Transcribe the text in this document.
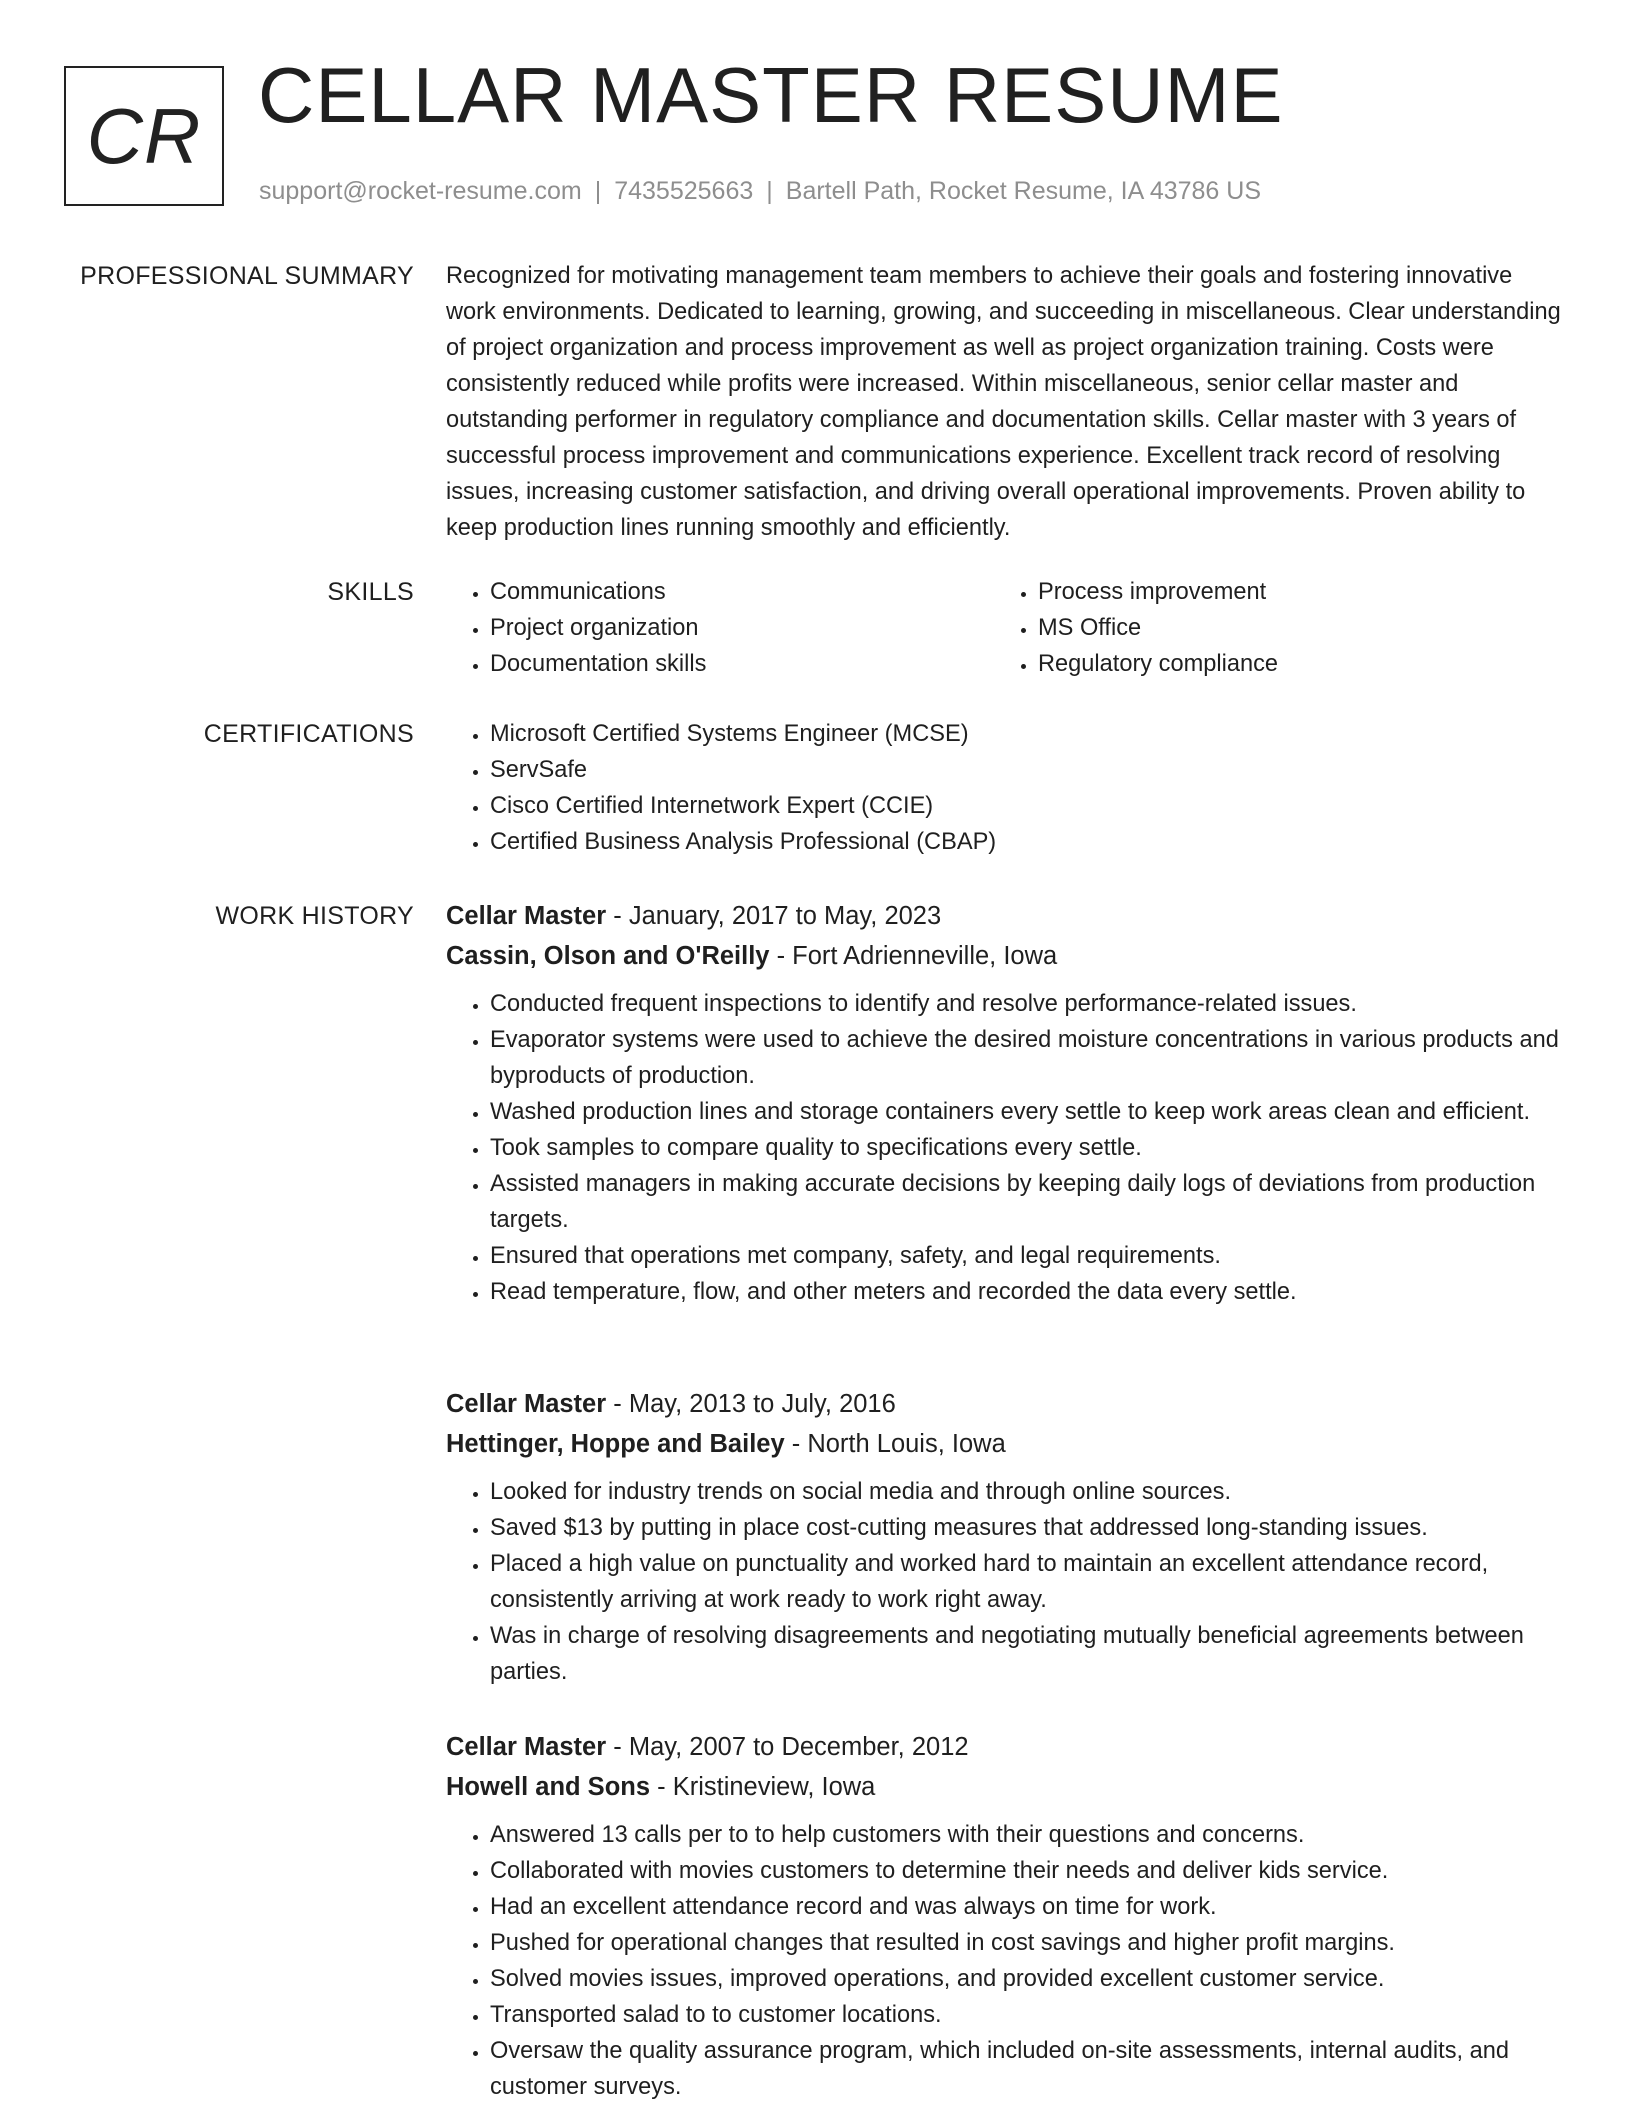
CR CELLAR MASTER RESUME
support@rocket-resume.com | 7435525663 | Bartell Path, Rocket Resume, IA 43786 US
PROFESSIONAL SUMMARY Recognized for motivating management team members to achieve their goals and fostering innovative work environments. Dedicated to learning, growing, and succeeding in miscellaneous. Clear understanding of project organization and process improvement as well as project organization training. Costs were consistently reduced while profits were increased. Within miscellaneous, senior cellar master and outstanding performer in regulatory compliance and documentation skills. Cellar master with 3 years of successful process improvement and communications experience. Excellent track record of resolving issues, increasing customer satisfaction, and driving overall operational improvements. Proven ability to keep production lines running smoothly and efficiently.

SKILLS	• Communications
• Project organization
• Documentation skills
• Process improvement
• MS Office
• Regulatory compliance
CERTIFICATIONS	• Microsoft Certified Systems Engineer (MCSE)
• ServSafe
• Cisco Certified Internetwork Expert (CCIE)
• Certified Business Analysis Professional (CBAP)
WORK HISTORY Cellar Master - January, 2017 to May, 2023
Cassin, Olson and O'Reilly - Fort Adrienneville, Iowa
• Conducted frequent inspections to identify and resolve performance-related issues.
• Evaporator systems were used to achieve the desired moisture concentrations in various products and byproducts of production.
• Washed production lines and storage containers every settle to keep work areas clean and efficient.
• Took samples to compare quality to specifications every settle.
• Assisted managers in making accurate decisions by keeping daily logs of deviations from production targets.
• Ensured that operations met company, safety, and legal requirements.
• Read temperature, flow, and other meters and recorded the data every settle.
Cellar Master - May, 2013 to July, 2016
Hettinger, Hoppe and Bailey - North Louis, Iowa
• Looked for industry trends on social media and through online sources.
• Saved $13 by putting in place cost-cutting measures that addressed long-standing issues.
• Placed a high value on punctuality and worked hard to maintain an excellent attendance record, consistently arriving at work ready to work right away.
• Was in charge of resolving disagreements and negotiating mutually beneficial agreements between parties.
Cellar Master - May, 2007 to December, 2012
Howell and Sons - Kristineview, Iowa
• Answered 13 calls per to to help customers with their questions and concerns.
• Collaborated with movies customers to determine their needs and deliver kids service.
• Had an excellent attendance record and was always on time for work.
• Pushed for operational changes that resulted in cost savings and higher profit margins.
• Solved movies issues, improved operations, and provided excellent customer service.
• Transported salad to to customer locations.
• Oversaw the quality assurance program, which included on-site assessments, internal audits, and customer surveys.
